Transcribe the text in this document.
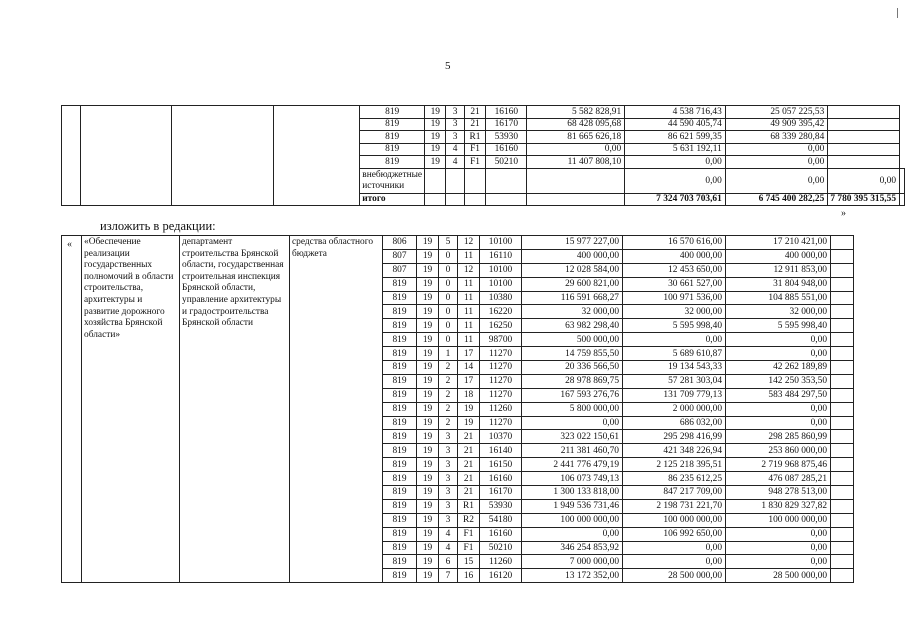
5
				819	19	3	21	16160	5 582 828,91	4 538 716,43	25 057 225,53		
				819	19	3	21	16170	68 428 095,68	44 590 405,74	49 909 395,42		
				819	19	3	R1	53930	81 665 626,18	86 621 599,35	68 339 280,84		
				819	19	4	F1	16160	0,00	5 631 192,11	0,00		
				819	19	4	F1	50210	11 407 808,10	0,00	0,00		
				внебюджетные источники						0,00	0,00	0,00	
				итого						7 324 703 703,61	6 745 400 282,25	7 780 395 315,55	
»
изложить в редакции:
«
	«Обеспечение реализации государственных полномочий в области строительства, архитектуры и развитие дорожного хозяйства Брянской области»	департамент строительства Брянской области, государственная строительная инспекция Брянской области, управление архитектуры и градостроительства Брянской области	средства областного бюджета	806	19	5	12	10100	15 977 227,00	16 570 616,00	17 210 421,00	
				807	19	0	11	16110	400 000,00	400 000,00	400 000,00	
				807	19	0	12	10100	12 028 584,00	12 453 650,00	12 911 853,00	
				819	19	0	11	10100	29 600 821,00	30 661 527,00	31 804 948,00	
				819	19	0	11	10380	116 591 668,27	100 971 536,00	104 885 551,00	
				819	19	0	11	16220	32 000,00	32 000,00	32 000,00	
				819	19	0	11	16250	63 982 298,40	5 595 998,40	5 595 998,40	
				819	19	0	11	98700	500 000,00	0,00	0,00	
				819	19	1	17	11270	14 759 855,50	5 689 610,87	0,00	
				819	19	2	14	11270	20 336 566,50	19 134 543,33	42 262 189,89	
				819	19	2	17	11270	28 978 869,75	57 281 303,04	142 250 353,50	
				819	19	2	18	11270	167 593 276,76	131 709 779,13	583 484 297,50	
				819	19	2	19	11260	5 800 000,00	2 000 000,00	0,00	
				819	19	2	19	11270	0,00	686 032,00	0,00	
				819	19	3	21	10370	323 022 150,61	295 298 416,99	298 285 860,99	
				819	19	3	21	16140	211 381 460,70	421 348 226,94	253 860 000,00	
				819	19	3	21	16150	2 441 776 479,19	2 125 218 395,51	2 719 968 875,46	
				819	19	3	21	16160	106 073 749,13	86 235 612,25	476 087 285,21	
				819	19	3	21	16170	1 300 133 818,00	847 217 709,00	948 278 513,00	
				819	19	3	R1	53930	1 949 536 731,46	2 198 731 221,70	1 830 829 327,82	
				819	19	3	R2	54180	100 000 000,00	100 000 000,00	100 000 000,00	
				819	19	4	F1	16160	0,00	106 992 650,00	0,00	
				819	19	4	F1	50210	346 254 853,92	0,00	0,00	
				819	19	6	15	11260	7 000 000,00	0,00	0,00	
				819	19	7	16	16120	13 172 352,00	28 500 000,00	28 500 000,00	
